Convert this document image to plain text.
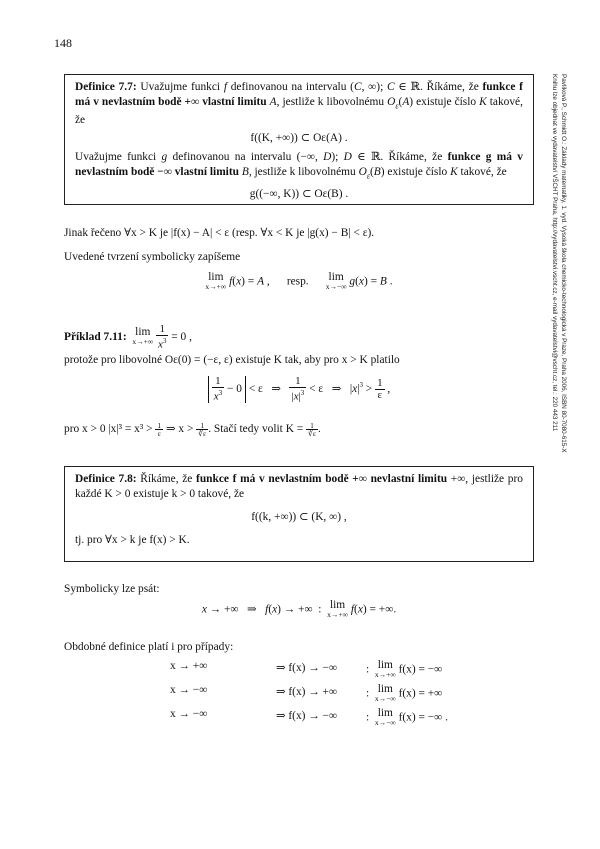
148
Pavlíková P., Schmidt O.: Základy matematiky, 1. vyd. Vysoká škola chemicko-technologická v Praze, Praha 2006, ISBN 80-7080-615-X
Knihu lze objednat ve vydavatelství VŠCHT Praha, http://vydavatelstvi.vscht.cz, e-mail vydavatelstvi@vscht.cz, tel.: 220 443 211

Definice 7.7: Uvažujme funkci f definovanou na intervalu (C, ∞); C ∈ ℝ. Říkáme, že funkce f má v nevlastním bodě +∞ vlastní limitu A, jestliže k libovolnému $O_\varepsilon(A)$ existuje číslo K takové, že

f((K, +∞)) ⊂ Oε(A) .

Uvažujme funkci g definovanou na intervalu (−∞, D); D ∈ ℝ. Říkáme, že funkce g má v nevlastním bodě −∞ vlastní limitu B, jestliže k libovolnému $O_\varepsilon(B)$ existuje číslo K takové, že

g((−∞, K)) ⊂ Oε(B) .

Jinak řečeno ∀x > K je |f(x) − A| < ε (resp. ∀x < K je |g(x) − B| < ε).

Uvedené tvrzení symbolicky zapíšeme

lim
x→+∞ f(x) = A ,      resp. lim
x→−∞ g(x) = B .
Příklad 7.11: lim
x→+∞
$\frac{1}{x^3} = 0$ ,

protože pro libovolné Oε(0) = (−ε, ε) existuje K tak, aby pro x > K platilo

$\frac{1}{x^3} - 0 < \varepsilon$   ⇒ $\frac{1}{|x|^3} < \varepsilon$   ⇒   $|x|^3 > \frac{1}{\varepsilon}$ ,
pro x > 0 $|x|^3 = x^3 > \frac{1}{\varepsilon}$ ⇒ $x > \frac{1}{∛\varepsilon}$ . Stačí tedy volit $K = \frac{1}{∛\varepsilon}$ .

Definice 7.8: Říkáme, že funkce f má v nevlastním bodě +∞ nevlastní limitu +∞, jestliže pro každé K > 0 existuje k > 0 takové, že

f((k, +∞)) ⊂ (K, ∞) ,

tj. pro ∀x > k je f(x) > K.

Symbolicky lze psát:

x → +∞   ⇒   f(x) → +∞  : lim
x→+∞ f(x) = +∞.

Obdobné definice platí i pro případy:

x → +∞	⇒ f(x) → −∞	: lim
x→+∞ f(x) = −∞
x → −∞	⇒ f(x) → +∞	: lim
x→−∞ f(x) = +∞
x → −∞	⇒ f(x) → −∞	: lim
x→−∞ f(x) = −∞ .
